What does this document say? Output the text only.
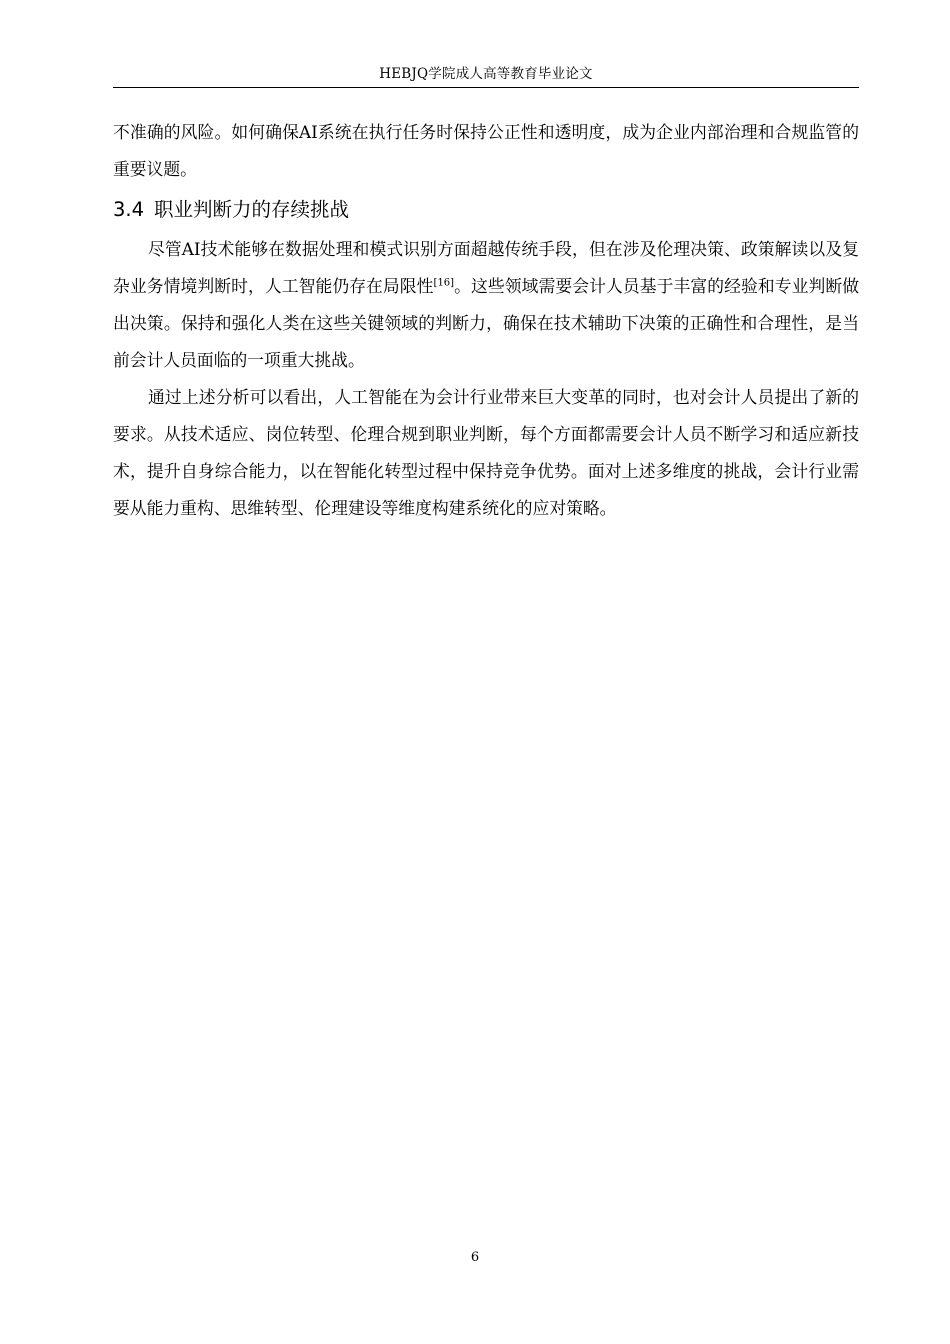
HEBJQ学院成人高等教育毕业论文

不准确的风险。如何确保AI系统在执行任务时保持公正性和透明度，成为企业内部治理和合规监管的重要议题。

3.4 职业判断力的存续挑战

尽管AI技术能够在数据处理和模式识别方面超越传统手段，但在涉及伦理决策、政策解读以及复杂业务情境判断时，人工智能仍存在局限性[16]。这些领域需要会计人员基于丰富的经验和专业判断做出决策。保持和强化人类在这些关键领域的判断力，确保在技术辅助下决策的正确性和合理性，是当前会计人员面临的一项重大挑战。

通过上述分析可以看出，人工智能在为会计行业带来巨大变革的同时，也对会计人员提出了新的要求。从技术适应、岗位转型、伦理合规到职业判断，每个方面都需要会计人员不断学习和适应新技术，提升自身综合能力，以在智能化转型过程中保持竞争优势。面对上述多维度的挑战，会计行业需要从能力重构、思维转型、伦理建设等维度构建系统化的应对策略。

6
